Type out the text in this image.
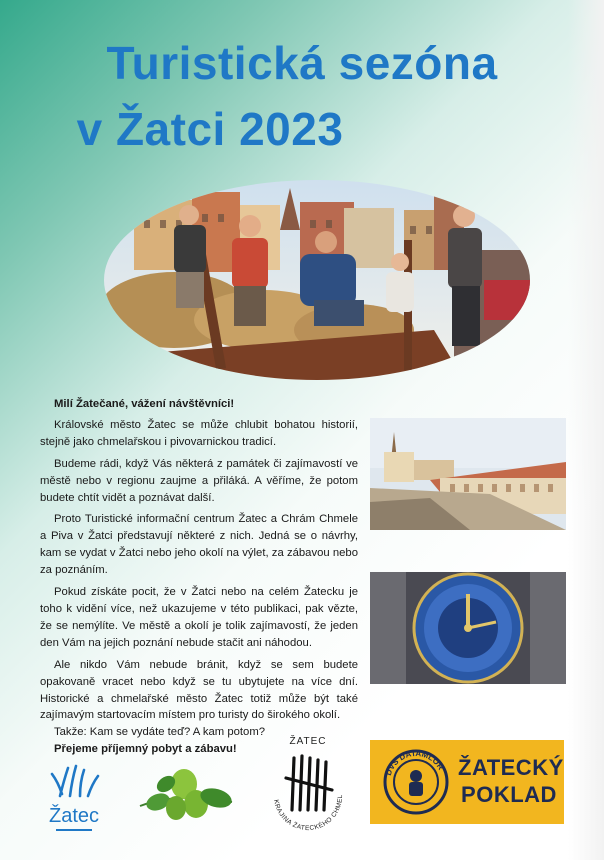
Turistická sezóna
v Žatci 2023

Milí Žatečané, vážení návštěvníci!

Královské město Žatec se může chlubit bohatou historií, stejně jako chmelařskou i pivovarnickou tradicí.

Budeme rádi, když Vás některá z památek či zajímavostí ve městě nebo v regionu zaujme a přiláká. A věříme, že potom budete chtít vidět a poznávat další.

Proto Turistické informační centrum Žatec a Chrám Chmele a Piva v Žatci představují některé z nich. Jedná se o návrhy, kam se vydat v Žatci nebo jeho okolí na výlet, za zábavou nebo za poznáním.

Pokud získáte pocit, že v Žatci nebo na celém Žatecku je toho k vidění více, než ukazujeme v této publikaci, pak vězte, že se nemýlíte. Ve městě a okolí je tolik zajímavostí, že jeden den Vám na jejich poznání nebude stačit ani náhodou.

Ale nikdo Vám nebude bránit, když se sem budete opakovaně vracet nebo když se tu ubytujete na více dní. Historické a chmelařské město Žatec totiž může být také zajímavým startovacím místem pro turisty do širokého okolí.

Takže: Kam se vydáte teď? A kam potom?

Přejeme příjemný pobyt a zábavu!

Žatec
ŽATEC
KRAJINA ŽATECKÉHO CHMEL
DVS DATAMLOR ŽATECKÝ
POKLAD
